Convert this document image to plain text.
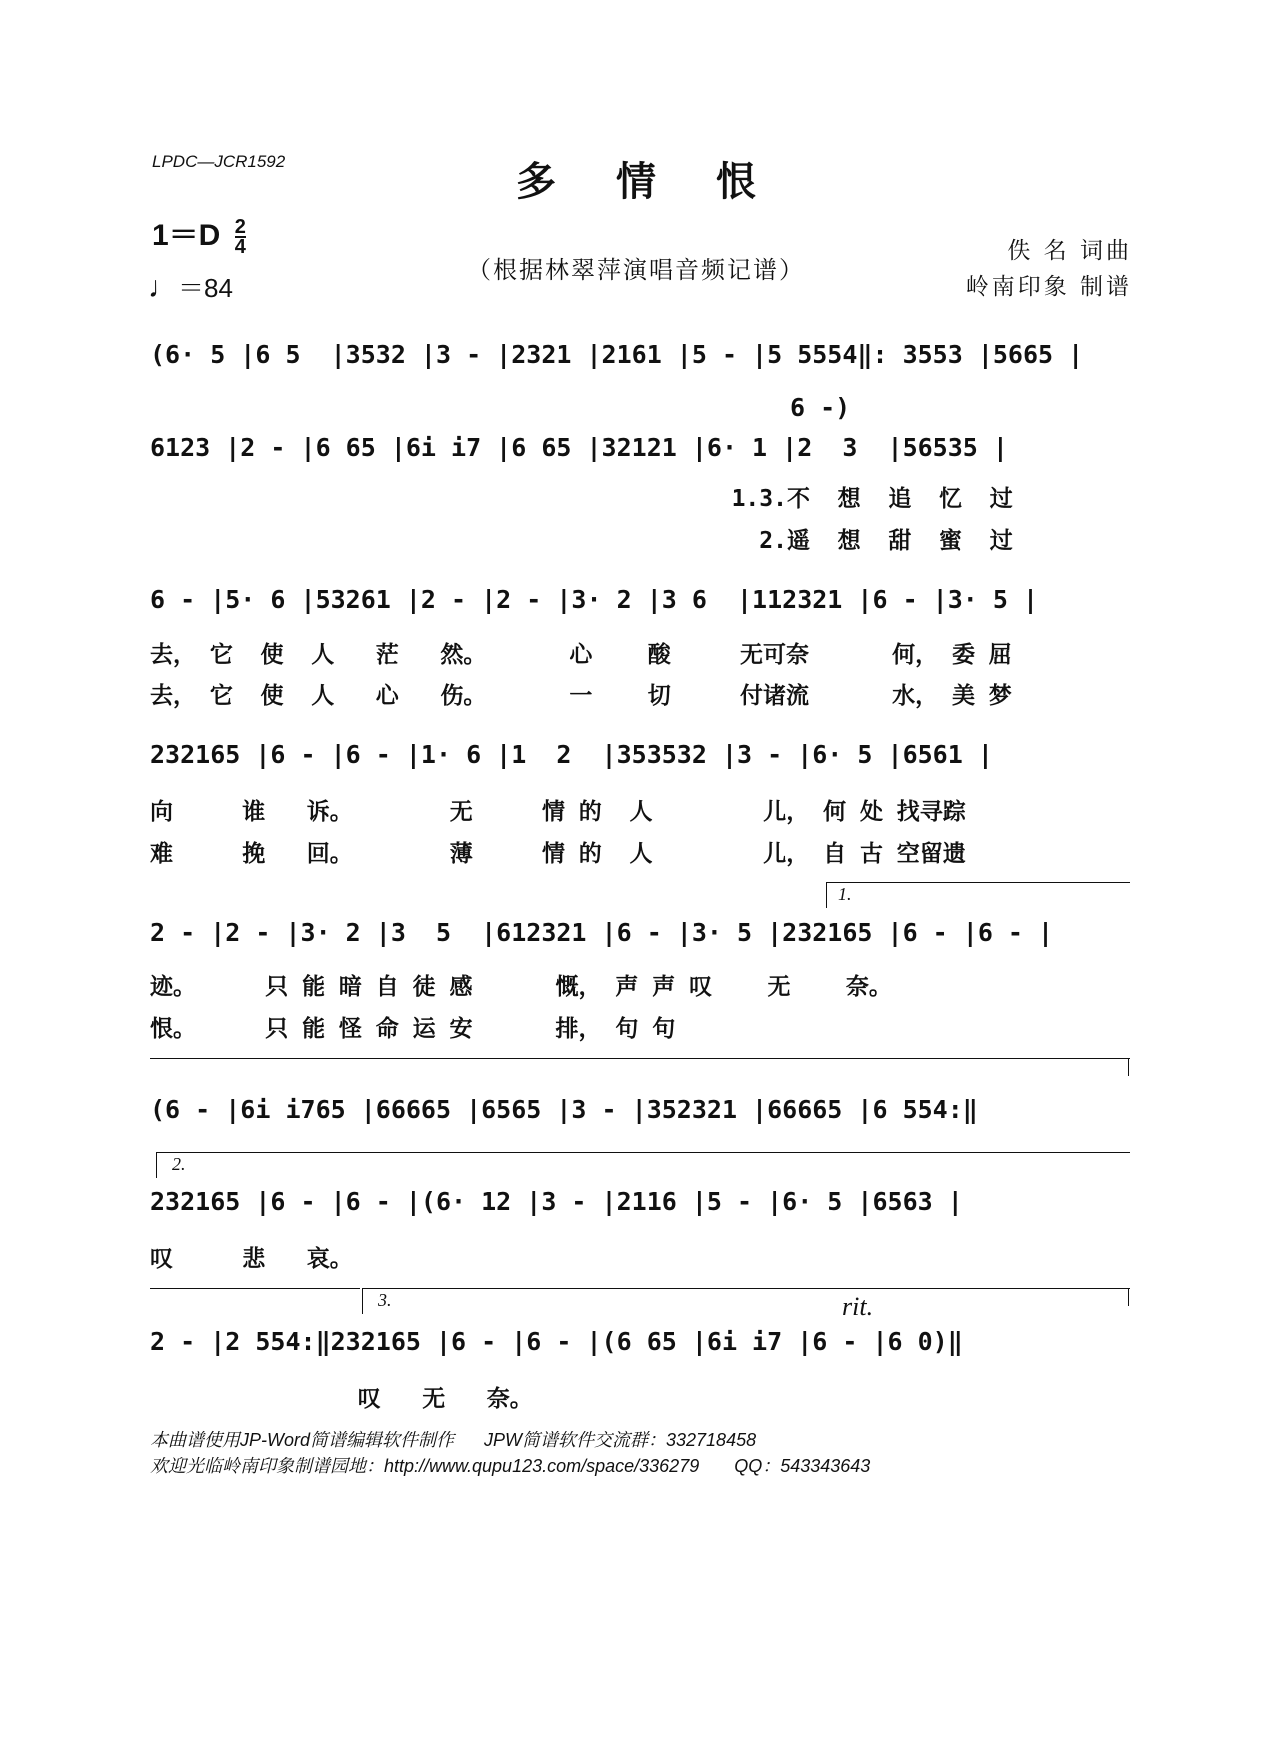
LPDC—JCR1592	多情恨
$1=D \frac{2}{4}$
♩＝84
（根据林翠萍演唱音频记谱）
佚 名 词曲
岭南印象 制谱
(6· 5 |6 5  |3532 |3 - |2321 |2161 |5 - |5 5554‖: 3553 |5665 |
6 -)
6123 |2 - |6 65 |6i i7 |6 65 |32121 |6· 1 |2  3  |56535 |
1.3.不  想  追  忆  过
2.遥  想  甜  蜜  过
6 - |5· 6 |53261 |2 - |2 - |3· 2 |3 6  |112321 |6 - |3· 5 |
去， 它  使  人   茫   然。      心    酸     无可奈      何， 委 屈
去， 它  使  人   心   伤。      一    切     付诸流      水， 美 梦
232165 |6 - |6 - |1· 6 |1  2  |353532 |3 - |6· 5 |6561 |
向     谁   诉。       无     情 的  人        儿， 何 处 找寻踪
难     挽   回。       薄     情 的  人        儿， 自 古 空留遗
1.
2 - |2 - |3· 2 |3  5  |612321 |6 - |3· 5 |232165 |6 - |6 - |
迹。     只 能 暗 自 徒 感      慨， 声 声 叹    无    奈。
恨。     只 能 怪 命 运 安      排， 句 句
(6 - |6i i765 |66665 |6565 |3 - |352321 |66665 |6 554:‖
2.
232165 |6 - |6 - |(6· 12 |3 - |2116 |5 - |6· 5 |6563 |
叹     悲   哀。
3.	rit.
2 - |2 554:‖232165 |6 - |6 - |(6 65 |6i i7 |6 - |6 0)‖
叹   无   奈。
本曲谱使用JP-Word简谱编辑软件制作      JPW简谱软件交流群：332718458
欢迎光临岭南印象制谱园地：http://www.qupu123.com/space/336279       QQ：543343643
